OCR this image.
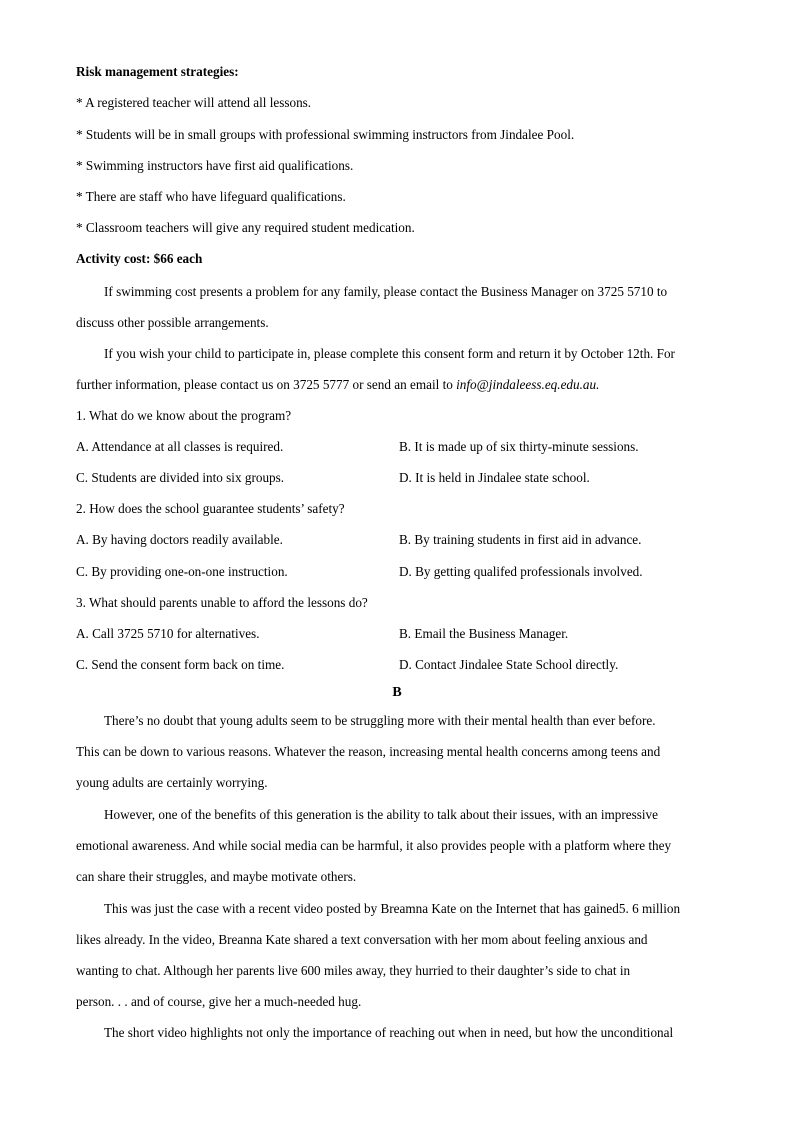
Risk management strategies:
* A registered teacher will attend all lessons.
* Students will be in small groups with professional swimming instructors from Jindalee Pool.
* Swimming instructors have first aid qualifications.
* There are staff who have lifeguard qualifications.
* Classroom teachers will give any required student medication.
Activity cost: $66 each
If swimming cost presents a problem for any family, please contact the Business Manager on 3725 5710 to
discuss other possible arrangements.
If you wish your child to participate in, please complete this consent form and return it by October 12th. For
further information, please contact us on 3725 5777 or send an email to info@jindaleess.eq.edu.au.
1. What do we know about the program?
A. Attendance at all classes is required.	B. It is made up of six thirty-minute sessions.
C. Students are divided into six groups.	D. It is held in Jindalee state school.
2. How does the school guarantee students’ safety?
A. By having doctors readily available.	B. By training students in first aid in advance.
C. By providing one-on-one instruction.	D. By getting qualifed professionals involved.
3. What should parents unable to afford the lessons do?
A. Call 3725 5710 for alternatives.	B. Email the Business Manager.
C. Send the consent form back on time.	D. Contact Jindalee State School directly.
B
There’s no doubt that young adults seem to be struggling more with their mental health than ever before.
This can be down to various reasons. Whatever the reason, increasing mental health concerns among teens and
young adults are certainly worrying.
However, one of the benefits of this generation is the ability to talk about their issues, with an impressive
emotional awareness. And while social media can be harmful, it also provides people with a platform where they
can share their struggles, and maybe motivate others.
This was just the case with a recent video posted by Breamna Kate on the Internet that has gained5. 6 million
likes already. In the video, Breanna Kate shared a text conversation with her mom about feeling anxious and
wanting to chat. Although her parents live 600 miles away, they hurried to their daughter’s side to chat in
person. . . and of course, give her a much-needed hug.
The short video highlights not only the importance of reaching out when in need, but how the unconditional
